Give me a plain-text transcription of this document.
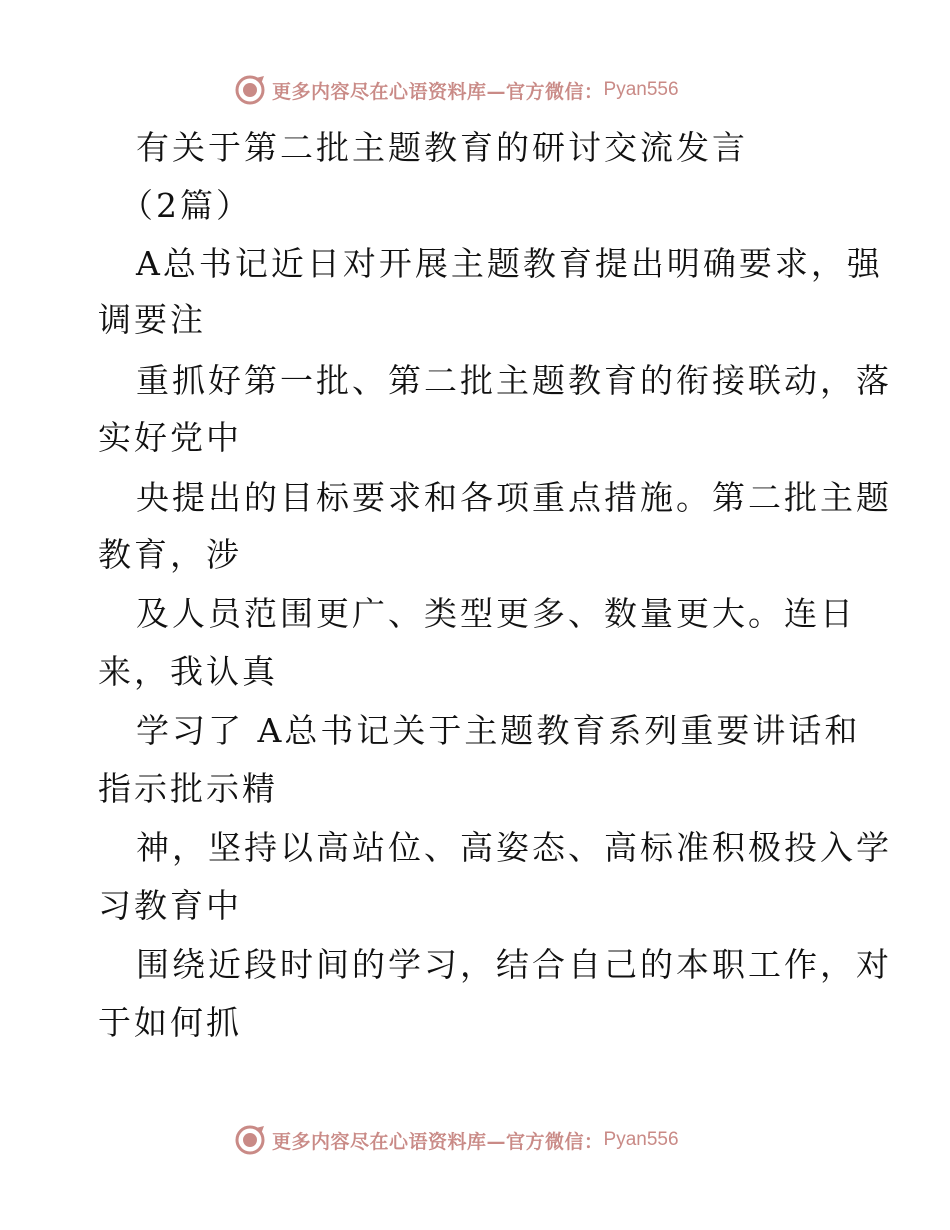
更多内容尽在心语资料库—官方微信： Pyan556
有关于第二批主题教育的研讨交流发言
（2篇）
A总书记近日对开展主题教育提出明确要求，强
调要注
重抓好第一批、第二批主题教育的衔接联动，落
实好党中
央提出的目标要求和各项重点措施。第二批主题
教育，涉
及人员范围更广、类型更多、数量更大。连日
来，我认真
学习了 A总书记关于主题教育系列重要讲话和
指示批示精
神，坚持以高站位、高姿态、高标准积极投入学
习教育中
围绕近段时间的学习，结合自己的本职工作，对
于如何抓
更多内容尽在心语资料库—官方微信： Pyan556
